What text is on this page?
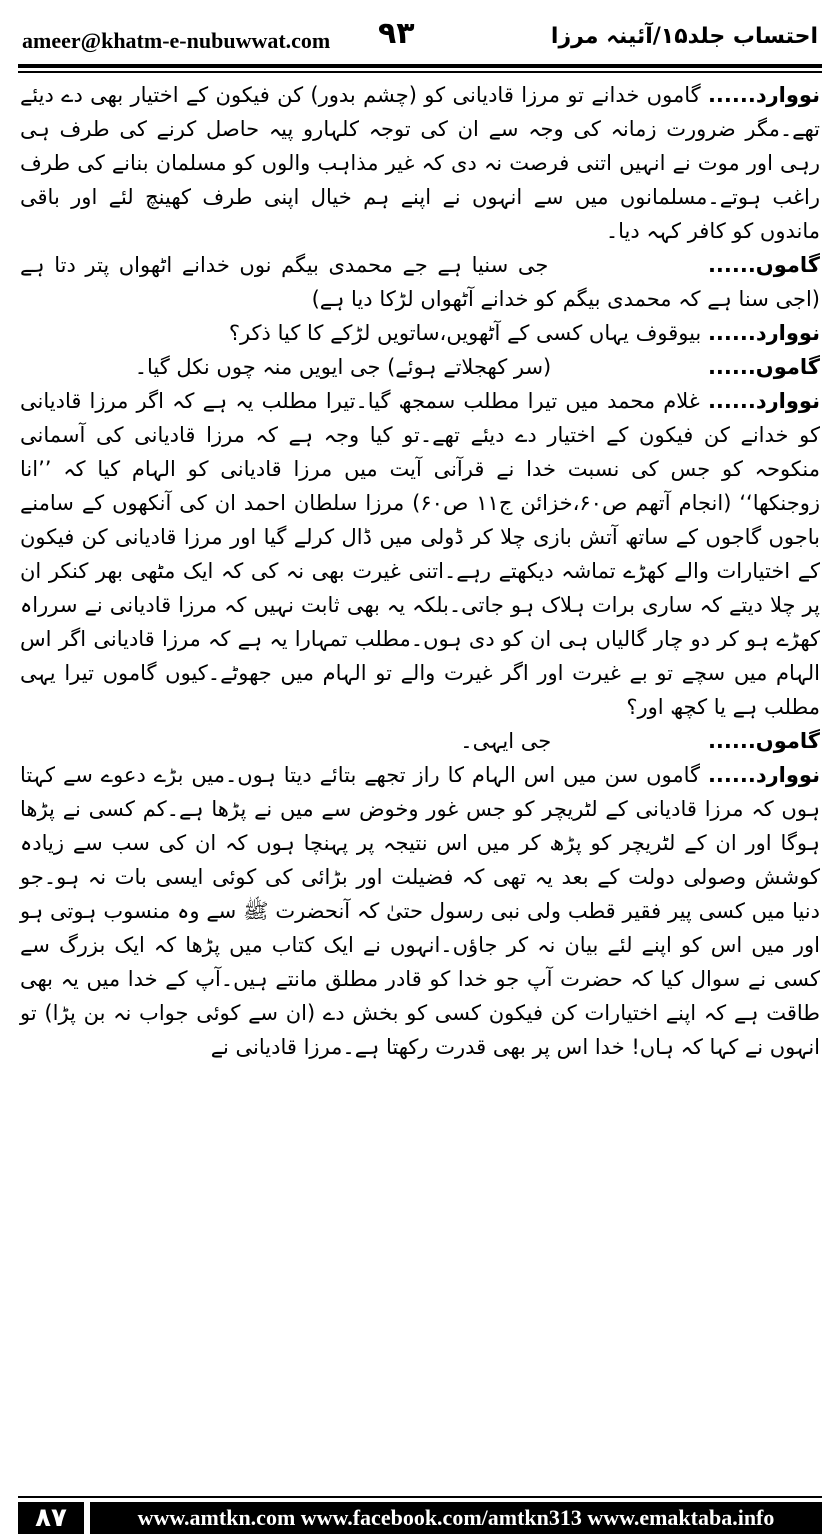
ameer@khatm-e-nubuwwat.com ۹۳	احتساب جلد۱۵/آئینہ مرزا

نووارد...... گاموں خدانے تو مرزا قادیانی کو (چشم بدور) کن فیکون کے اختیار بھی دے دیئے تھے۔مگر ضرورت زمانہ کی وجہ سے ان کی توجہ کلہارو پیہ حاصل کرنے کی طرف ہی رہی اور موت نے انہیں اتنی فرصت نہ دی کہ غیر مذاہب والوں کو مسلمان بنانے کی طرف راغب ہوتے۔مسلمانوں میں سے انہوں نے اپنے ہم خیال اپنی طرف کھینچ لئے اور باقی ماندوں کو کافر کہہ دیا۔

گاموں...... جی سنیا ہے جے محمدی بیگم نوں خدانے اٹھواں پتر دتا ہے (اجی سنا ہے کہ محمدی بیگم کو خدانے آٹھواں لڑکا دیا ہے)

نووارد...... بیوقوف یہاں کسی کے آٹھویں،ساتویں لڑکے کا کیا ذکر؟

گاموں...... (سر کھجلاتے ہوئے) جی ایویں منہ چوں نکل گیا۔

نووارد...... غلام محمد میں تیرا مطلب سمجھ گیا۔تیرا مطلب یہ ہے کہ اگر مرزا قادیانی کو خدانے کن فیکون کے اختیار دے دیئے تھے۔تو کیا وجہ ہے کہ مرزا قادیانی کی آسمانی منکوحہ کو جس کی نسبت خدا نے قرآنی آیت میں مرزا قادیانی کو الہام کیا کہ ’’انا زوجنکھا‘‘ (انجام آتھم ص۶۰،خزائن ج۱۱ ص۶۰) مرزا سلطان احمد ان کی آنکھوں کے سامنے باجوں گاجوں کے ساتھ آتش بازی چلا کر ڈولی میں ڈال کرلے گیا اور مرزا قادیانی کن فیکون کے اختیارات والے کھڑے تماشہ دیکھتے رہے۔اتنی غیرت بھی نہ کی کہ ایک مٹھی بھر کنکر ان پر چلا دیتے کہ ساری برات ہلاک ہو جاتی۔بلکہ یہ بھی ثابت نہیں کہ مرزا قادیانی نے سرراہ کھڑے ہو کر دو چار گالیاں ہی ان کو دی ہوں۔مطلب تمہارا یہ ہے کہ مرزا قادیانی اگر اس الہام میں سچے تو بے غیرت اور اگر غیرت والے تو الہام میں جھوٹے۔کیوں گاموں تیرا یہی مطلب ہے یا کچھ اور؟

گاموں...... جی ایہی۔

نووارد...... گاموں سن میں اس الہام کا راز تجھے بتائے دیتا ہوں۔میں بڑے دعوے سے کہتا ہوں کہ مرزا قادیانی کے لٹریچر کو جس غور وخوض سے میں نے پڑھا ہے۔کم کسی نے پڑھا ہوگا اور ان کے لٹریچر کو پڑھ کر میں اس نتیجہ پر پہنچا ہوں کہ ان کی سب سے زیادہ کوشش وصولی دولت کے بعد یہ تھی کہ فضیلت اور بڑائی کی کوئی ایسی بات نہ ہو۔جو دنیا میں کسی پیر فقیر قطب ولی نبی رسول حتیٰ کہ آنحضرت ﷺ سے وہ منسوب ہوتی ہو اور میں اس کو اپنے لئے بیان نہ کر جاؤں۔انہوں نے ایک کتاب میں پڑھا کہ ایک بزرگ سے کسی نے سوال کیا کہ حضرت آپ جو خدا کو قادر مطلق مانتے ہیں۔آپ کے خدا میں یہ بھی طاقت ہے کہ اپنے اختیارات کن فیکون کسی کو بخش دے (ان سے کوئی جواب نہ بن پڑا) تو انہوں نے کہا کہ ہاں! خدا اس پر بھی قدرت رکھتا ہے۔مرزا قادیانی نے

۸۷	www.amtkn.com www.facebook.com/amtkn313 www.emaktaba.info
